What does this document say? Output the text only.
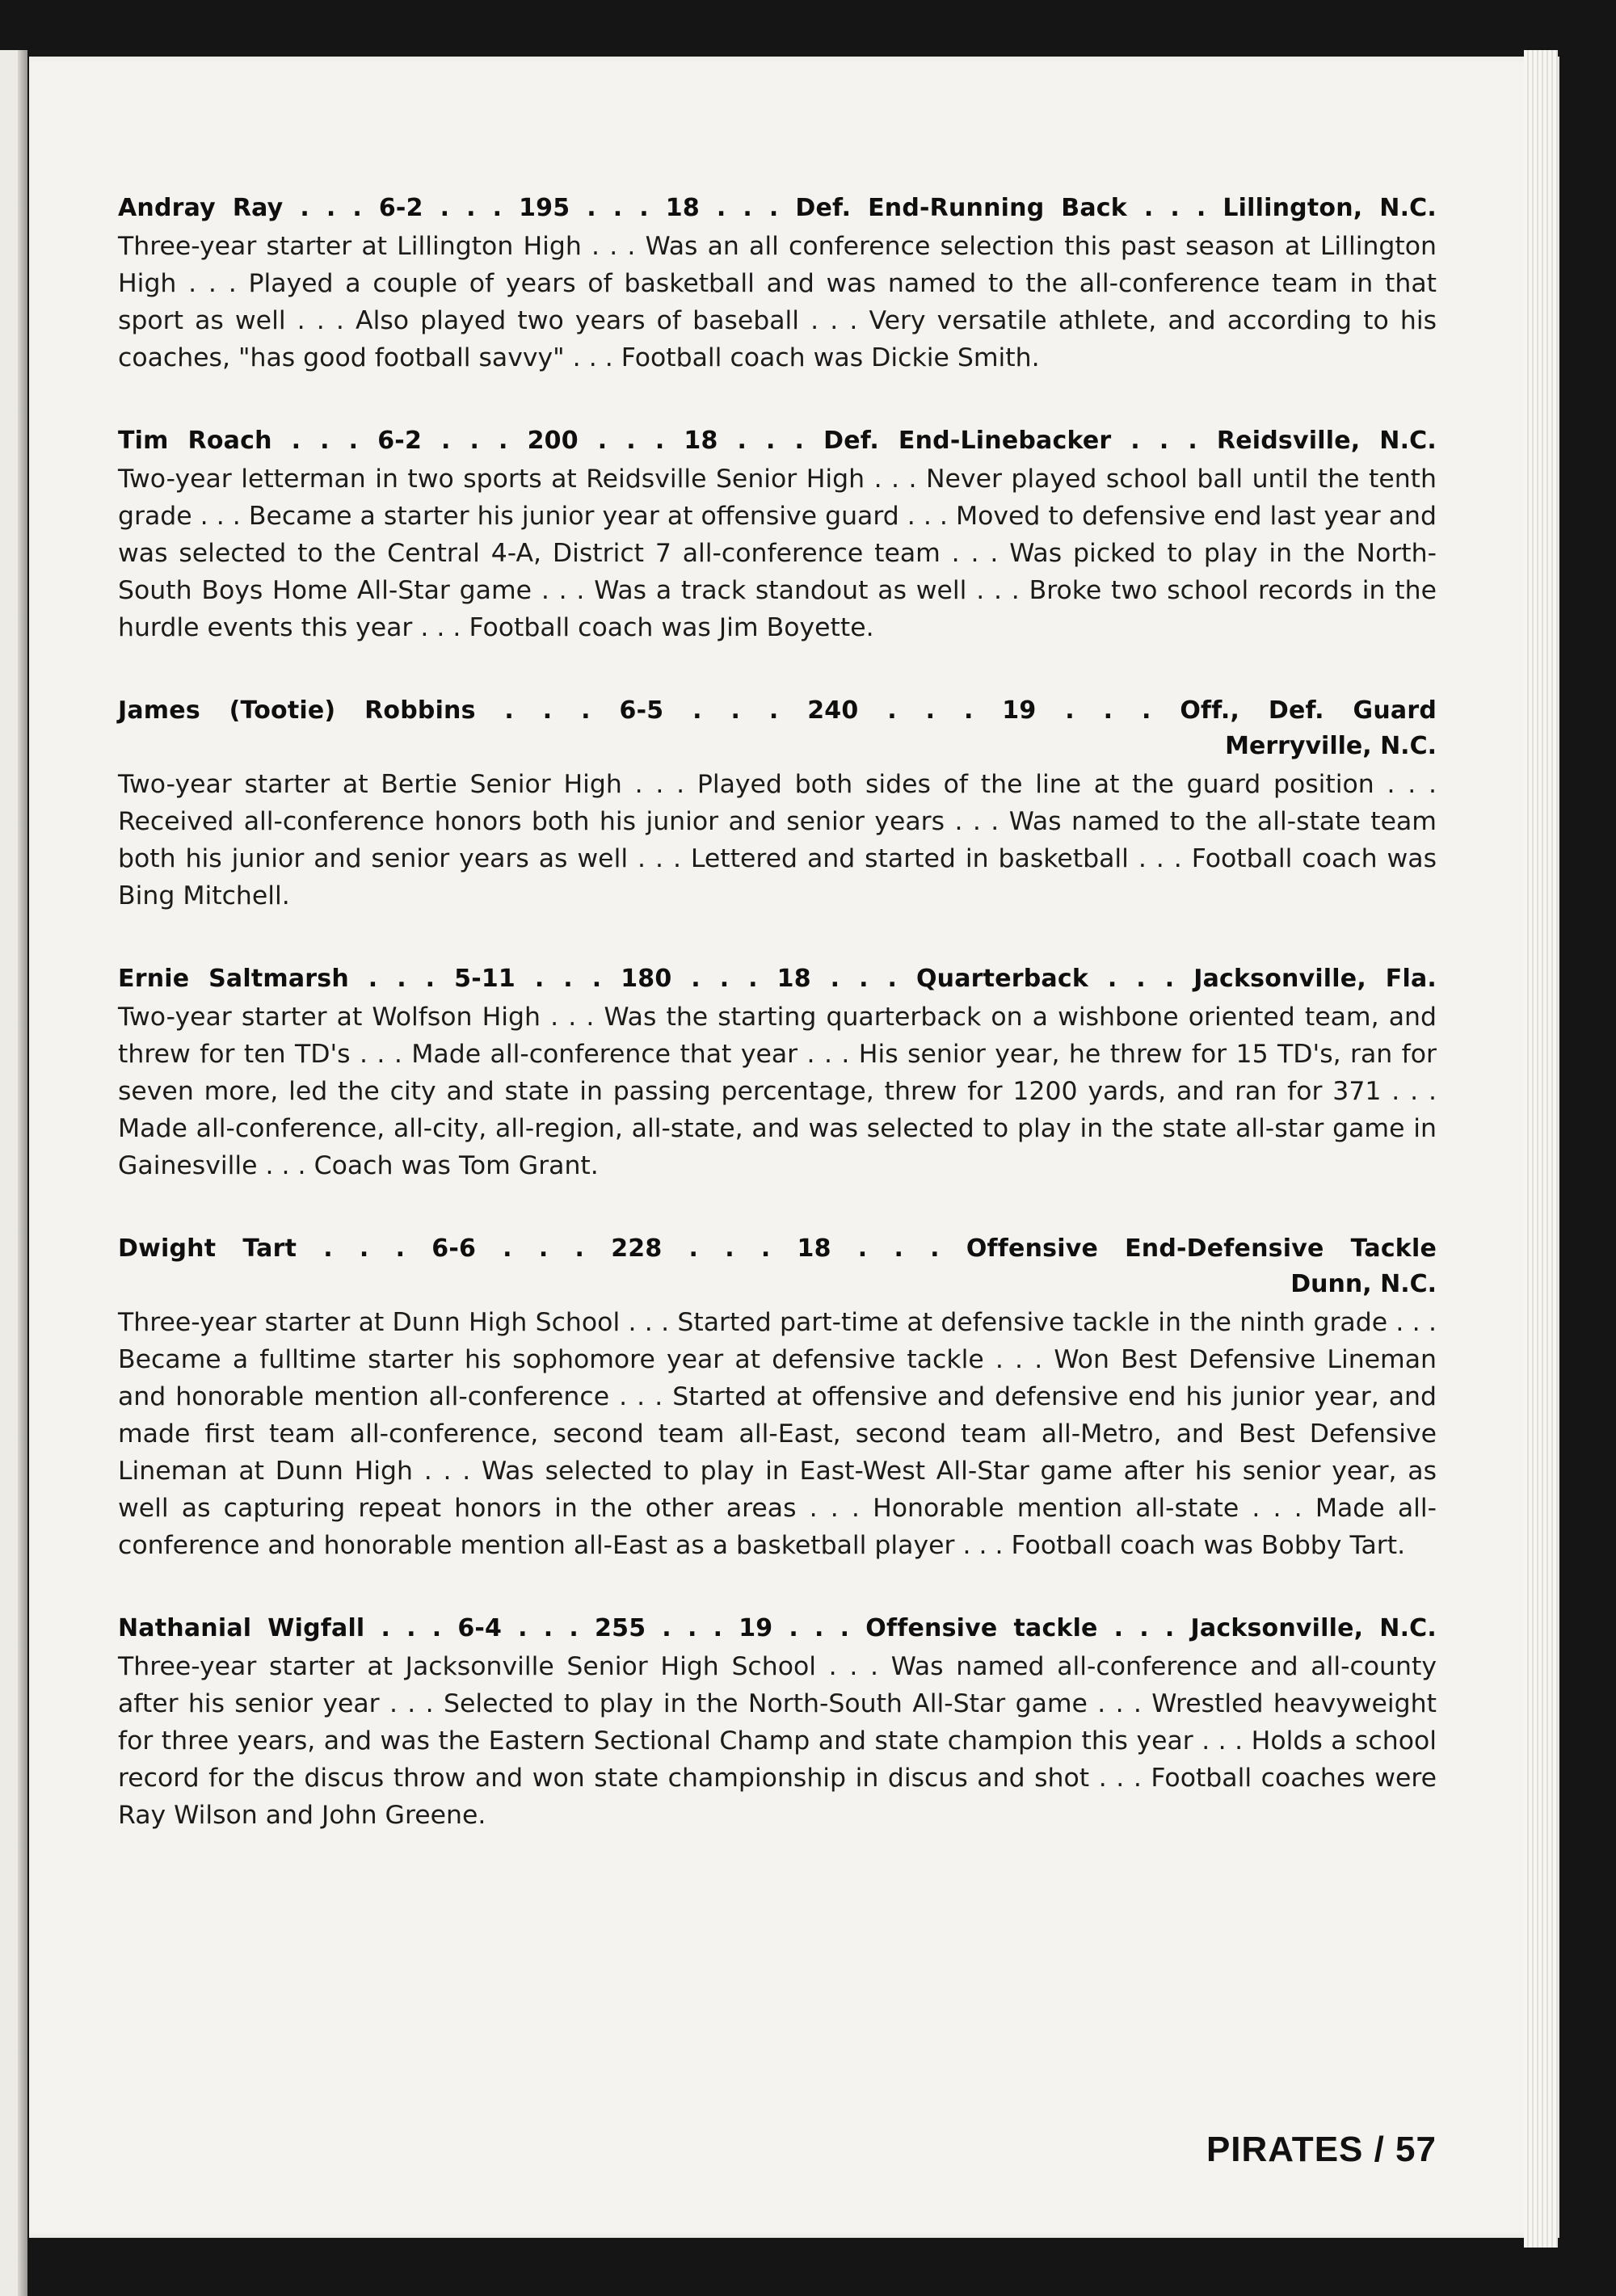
Andray Ray . . . 6-2 . . . 195 . . . 18 . . . Def. End-Running Back . . . Lillington, N.C.
Three-year starter at Lillington High . . . Was an all conference selection this past season at Lillington High . . . Played a couple of years of basketball and was named to the all-conference team in that sport as well . . . Also played two years of baseball . . . Very versatile athlete, and according to his coaches, "has good football savvy" . . . Football coach was Dickie Smith.
Tim Roach . . . 6-2 . . . 200 . . . 18 . . . Def. End-Linebacker . . . Reidsville, N.C.
Two-year letterman in two sports at Reidsville Senior High . . . Never played school ball until the tenth grade . . . Became a starter his junior year at offensive guard . . . Moved to defensive end last year and was selected to the Central 4-A, District 7 all-conference team . . . Was picked to play in the North-South Boys Home All-Star game . . . Was a track standout as well . . . Broke two school records in the hurdle events this year . . . Football coach was Jim Boyette.
James (Tootie) Robbins . . . 6-5 . . . 240 . . . 19 . . . Off., Def. Guard
Merryville, N.C.
Two-year starter at Bertie Senior High . . . Played both sides of the line at the guard position . . . Received all-conference honors both his junior and senior years . . . Was named to the all-state team both his junior and senior years as well . . . Lettered and started in basketball . . . Football coach was Bing Mitchell.
Ernie Saltmarsh . . . 5-11 . . . 180 . . . 18 . . . Quarterback . . . Jacksonville, Fla.
Two-year starter at Wolfson High . . . Was the starting quarterback on a wishbone oriented team, and threw for ten TD's . . . Made all-conference that year . . . His senior year, he threw for 15 TD's, ran for seven more, led the city and state in passing percentage, threw for 1200 yards, and ran for 371 . . . Made all-conference, all-city, all-region, all-state, and was selected to play in the state all-star game in Gainesville . . . Coach was Tom Grant.
Dwight Tart . . . 6-6 . . . 228 . . . 18 . . . Offensive End-Defensive Tackle
Dunn, N.C.
Three-year starter at Dunn High School . . . Started part-time at defensive tackle in the ninth grade . . . Became a fulltime starter his sophomore year at defensive tackle . . . Won Best Defensive Lineman and honorable mention all-conference . . . Started at offensive and defensive end his junior year, and made first team all-conference, second team all-East, second team all-Metro, and Best Defensive Lineman at Dunn High . . . Was selected to play in East-West All-Star game after his senior year, as well as capturing repeat honors in the other areas . . . Honorable mention all-state . . . Made all-conference and honorable mention all-East as a basketball player . . . Football coach was Bobby Tart.
Nathanial Wigfall . . . 6-4 . . . 255 . . . 19 . . . Offensive tackle . . . Jacksonville, N.C.
Three-year starter at Jacksonville Senior High School . . . Was named all-conference and all-county after his senior year . . . Selected to play in the North-South All-Star game . . . Wrestled heavyweight for three years, and was the Eastern Sectional Champ and state champion this year . . . Holds a school record for the discus throw and won state championship in discus and shot . . . Football coaches were Ray Wilson and John Greene.
PIRATES / 57
